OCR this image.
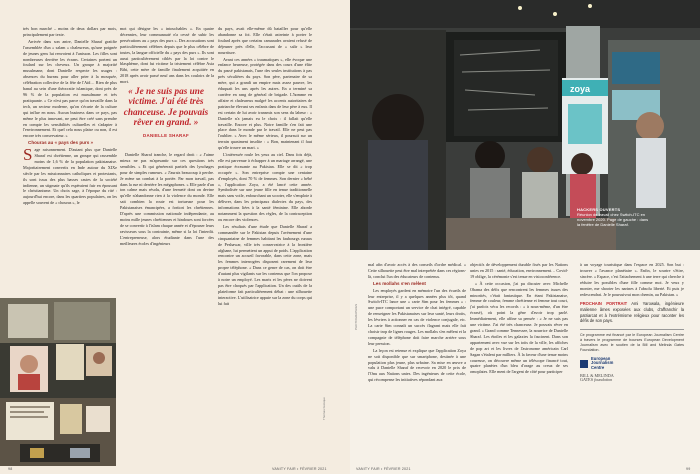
très bon marché – moins de deux dollars par mois, principalement par texte.

Arrivée dans son antre, Danielle Sharaf gratifie l'assemblée d'un « salam » chaleureux, qu'une poignée de jeunes gens lui renvoient à l'unisson. Les filles sont nombreuses derrière les écrans. Certaines portent un foulard sur les cheveux. Un groupe à majorité musulmane, dont Danielle respecte les usages : absences du bureau pour aller prier à la mosquée, célébration collective de la fête de l'Aïd… Rien de plus banal au sein d'une théocratie islamique, dont près de 96 % de la population est musulmane et très pratiquante. « Ce n'est pas parce qu'on travaille dans la tech, un secteur moderne, qu'on s'écarte de la culture qui influe en nous. Aucun business dans ce pays, pas même le plus innovant, ne peut être créé sans prendre en compte les sensibilités culturelles et s'adapter à l'environnement. Et quel cela nous plaise ou non, il est encore très conservateur. »

Chouras au « pays des purs »

Sage raisonnement. D'autant plus que Danielle Sharaf est chrétienne, un groupe qui rassemble moins de 1,6 % de la population pakistanaise. Majoritairement convertis en Inde autour du XIXe siècle par les missionnaires catholiques et protestants, ils sont issus des plus basses castes de la société indienne, un stigmate qu'ils espéraient fuir en épousant le christianisme. Un choix sage, à l'époque du rité : aujourd'hui encore, dans les quartiers populaires, on les appelle souvent de « chouras », le

mot qui désigne les « intouchables ». En quatre décennies, leur communauté n'a cessé de subir les persécutions au « pays des purs ». Des accusations sont particulièrement célèbres depuis que le plus célèbre de toutes, la langue officielle du « pays des purs ». Ils sont aussi particulièrement ciblés par la loi contre le blasphème, dont fut victime la tristement célèbre Asia Bibi, cette mère de famille finalement acquittée en 2018 après avoir passé neuf ans dans les couloirs de la mort.

« Je ne suis pas une victime. J'ai été très chanceuse. Je pouvais rêver en grand. »
DANIELLE SHARAF

Danielle Sharaf tranche, le regard droit : « J'aime mieux ne pas m'apesantir sur ces questions très sensibles. » Et qui générerait partiels des lynchages pour de simples rumeurs. « J'aurais beaucoup à perdre. Je mène un combat à la portée. Par mon travail, pas dans la rue ni derrière les mégaphones. » Elle parle d'un ton calme mais résolu, d'une fermeté dont on devine qu'elle n'abandonne rien à la violence du monde. Elle sait combien la route est tortueuse pour les Pakistanaises émancipées, a fortiori les chrétiennes. D'après une commission nationale indépendante, au moins mille jeunes chrétiennes et hindoues sont forcées de se convertir à l'islam chaque année et d'épouser leurs ravisseurs sous la contrainte, même si la loi l'interdit. L'entrepreneuse, alors étudiante dans l'une des meilleures écoles d'ingénieurs

du pays, avait elle-même dû batailler pour qu'elle abandonne sa foi. Elle s'était astreinte à porter le foulard après que certains camarades avaient refusé de déjeuner près d'elle, l'accusant de « salir » leur nourriture.

Avant ces années « traumatiques », elle évoque une enfance heureuse, protégée dans des cours d'une élite du passé pakistanais, l'une des seules institutions à pas près séculières du pays. Son père, partenaire de sa mère, qui a grandi un empire mais assez pauvre, les éduquait les uns après les autres. En a terminé sa carrière en rang de général de brigade. L'homme en affaire et chaleureux malgré les accents autoritaires de patriarche élevant ses enfants dans de leur père à eux. Il est certain de lui avoir transmis son sens du labeur : « Danielle n'a jamais eu le choix : il fallait qu'elle travaille. Encore et plus. Notre famille s'en fait une place dans le monde par le travail. Elle ne peut pas l'oublier. » Avec le même sérieux, il poursuit sur un terrain quasiment insolite : « Bon, maintenant il faut qu'elle trouve un mari. »

L'intéressée roule les yeux au ciel. Dans fois déjà, elle est parvenue à échapper à un mariage arrangé, une pratique écrasante au Pakistan. Elle se dit « trop occupée ». Son entreprise compte une centaine d'employés, dont 70 % de femmes. Son dernier « bébé », l'application Zoya, a été lancé cette année. Symbolisée sur une jeune fille en tenue traditionnelle mais sans voile, enfourchant un scooter, elle s'emploie à délivrer, dans les principaux dialectes du pays, des informations liées à la santé féminine. Elle aborde notamment la question des règles, de la contraception ou encore des violences.

Les résultats d'une étude que Danielle Sharaf a commandée sur le Pakistan depuis l'avènement d'une cinquantaine de femmes habitant les faubourgs ruraux de Peshawar, ville très conservatrice à la frontière afghane, lui permettent un appui de poids. L'application rencontre un accueil favorable, dans cette zone, mais les femmes interrogées disposent rarement de leur propre téléphone. « Dans ce genre de cas, on doit être d'autant plus vigilants sur les contenus que l'on propose à notre un employé. Les maris et les pères ne doivent pas être choqués par l'application. Un des outils de la plateforme fait particulièrement débat : une silhouette interactive. L'utilisatrice appuie sur la zone du corps qui lui fait

Thomas Goisque
98	VANITY FAIR • FÉVRIER 2021
zoya
HACKERS OUVERTS
Réunion de travail chez Switch-ITC en novembre 2020. Page de gauche : dans la fenêtre de Danielle Sharaf.

mal afin d'avoir accès à des conseils d'ordre médical. « Cette silhouette peut être mal interprétée dans ces régions-là, conclut l'un des éducateurs de contenus.

Les mollahs s'en mêlent

Les employés gardent en mémoire l'un des écueils de leur entreprise, il y a quelques années plus tôt, quand Switch-ITC lance une « carte Sim pour les femmes » : une puce comportant un service de chat intégré, capable de renseigner les Pakistanaises sur leur santé, leurs droits, les lévriers à actionner en cas de violence conjugale, etc. La carte Sim connaît un succès flagrant mais elle fait choisir trop de lignes rouges. Les mollahs s'en mêlent et la compagnie de téléphone doit faire marche arrière sous leur pression.

La leçon est retenue et explique que l'application Zoya ne soit disponible que sur smartphone, destinée à une population plus jeune, plus urbaine. Sa mise en œuvre a valu à Danielle Sharaf de recevoir en 2020 le prix de l'Onu aux Nations unies. Des ingénieurs de cette école, qui récompense les initiatives répondant aux

objectifs de développement durable fixés par les Nations unies en 2015 : santé, éducation, environnement… Covid-19 oblige, la cérémonie s'est tenue en visioconférence.

« À cette occasion, j'ai pu discuter avec Michelle Obama des défis que rencontrent les femmes issues des minorités, c'était fantastique. En étant Pakistanaise, femme de couleur, femme chrétienne et femme tout court, j'ai parfois vécu les records : « à nous-même, d'un être écrasé), où point la gêne d'avoir trop parlé. Immédiatement, elle affine sa pensée : « Je ne suis pas une victime. J'ai été très chanceuse. Je pouvais rêver en grand. » Grand comme Tennessee, la nourrice de Danielle Sharaf. Les étoiles et les galaxies la fascinent. Dans son appartement avec vue sur les toits de la ville, les affiches de pop art et les livres de l'astronome américain Carl Sagan s'étalent par milliers. À la faveur d'une tenue moins coureuse, on découvre même un téléscope financé tout, quatre planètes d'un bleu d'orage au creux de ses omoplates. Elle ment de l'argent de côté pour participer

à un voyage touristique dans l'espace en 2025. Son but : trouver « l'avance planétaire ». Enfin, le sourire s'étire, sincère. « Espace, c'est l'attachement à une terre qui cherche à réduire les possibles d'une fille comme moi. Je veux y monter, me shooter les narines à l'absolu liberté. Et puis je redescendrai. Je le poursuivrai mon chemin, au Pakistan. »

PROCHAIN PORTRAIT Ami Yarowala, ingénieure malienne âmes exposées aux clubs, d'affranchir la patriarcat et à l'extrémisme religieux pour raconter les défis de son pays.
Ce programme est financé par le European Journalism Centre à travers le programme de bourses European Development Journalism avec le soutien de la Bill and Melinda Gates Foundation.
European
Journalism
Centre
BILL & MELINDA
GATES foundation
PHOTOGRAPHIES
VANITY FAIR • FÉVRIER 2021	99
